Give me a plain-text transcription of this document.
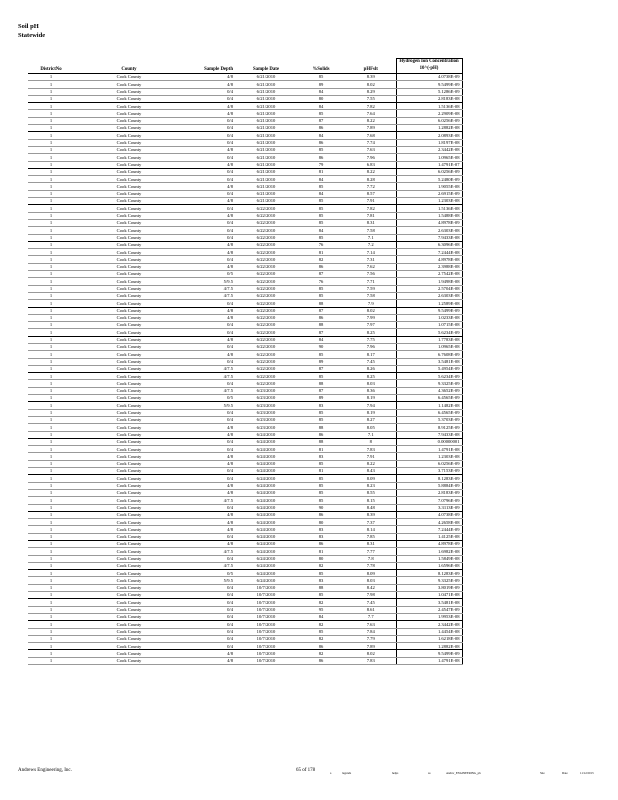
Soil pH
Statewide
DistrictNo	County	Sample Depth	Sample Date	%Solids	pHFslt	Hydrogen Ion Concentration 10^(-pH)
1	Cook County	4/8	6/21/2010	85	8.39	4.0738E-09
1	Cook County	4/8	6/21/2010	89	8.02	9.5499E-09
1	Cook County	0/4	6/21/2010	84	8.29	5.1286E-09
1	Cook County	0/4	6/21/2010	80	7.55	2.8183E-08
1	Cook County	4/8	6/21/2010	84	7.82	1.5136E-08
1	Cook County	4/8	6/21/2010	85	7.64	2.2909E-08
1	Cook County	0/4	6/21/2010	87	8.22	6.0256E-09
1	Cook County	0/4	6/21/2010	86	7.89	1.2882E-08
1	Cook County	0/4	6/21/2010	84	7.68	2.0893E-08
1	Cook County	0/4	6/21/2010	86	7.74	1.8197E-08
1	Cook County	4/8	6/21/2010	85	7.63	2.3442E-08
1	Cook County	0/4	6/21/2010	86	7.96	1.0965E-08
1	Cook County	4/8	6/21/2010	79	6.83	1.4791E-07
1	Cook County	0/4	6/21/2010	81	8.22	6.0256E-09
1	Cook County	0/4	6/21/2010	84	8.28	5.2480E-09
1	Cook County	4/8	6/21/2010	85	7.72	1.9055E-08
1	Cook County	0/4	6/21/2010	84	8.57	2.6915E-09
1	Cook County	4/8	6/21/2010	85	7.91	1.2303E-08
1	Cook County	0/4	6/22/2010	85	7.82	1.5136E-08
1	Cook County	4/8	6/22/2010	85	7.81	1.5488E-08
1	Cook County	0/4	6/22/2010	85	8.31	4.8978E-09
1	Cook County	0/4	6/22/2010	84	7.58	2.6303E-08
1	Cook County	0/4	6/22/2010	85	7.1	7.9433E-08
1	Cook County	4/8	6/22/2010	76	7.2	6.3096E-08
1	Cook County	4/8	6/22/2010	81	7.14	7.2444E-08
1	Cook County	0/4	6/22/2010	82	7.31	4.8978E-08
1	Cook County	4/8	6/22/2010	86	7.62	2.3988E-08
1	Cook County	0/5	6/22/2010	87	7.56	2.7542E-08
1	Cook County	5/9.5	6/22/2010	76	7.71	1.9498E-08
1	Cook County	4/7.5	6/22/2010	85	7.59	2.5704E-08
1	Cook County	4/7.5	6/22/2010	85	7.58	2.6303E-08
1	Cook County	0/4	6/22/2010	88	7.9	1.2589E-08
1	Cook County	4/8	6/22/2010	87	8.02	9.5499E-09
1	Cook County	4/8	6/22/2010	86	7.99	1.0233E-08
1	Cook County	0/4	6/22/2010	88	7.97	1.0715E-08
1	Cook County	0/4	6/22/2010	87	8.25	5.6234E-09
1	Cook County	4/8	6/22/2010	84	7.75	1.7783E-08
1	Cook County	0/4	6/22/2010	90	7.96	1.0965E-08
1	Cook County	4/8	6/22/2010	85	8.17	6.7608E-09
1	Cook County	0/4	6/22/2010	89	7.45	3.5481E-08
1	Cook County	4/7.5	6/22/2010	87	8.26	5.4954E-09
1	Cook County	4/7.5	6/22/2010	85	8.25	5.6234E-09
1	Cook County	0/4	6/22/2010	88	8.03	9.3325E-09
1	Cook County	4/7.5	6/23/2010	87	8.36	4.3652E-09
1	Cook County	0/5	6/23/2010	89	8.19	6.4565E-09
1	Cook County	5/9.5	6/23/2010	83	7.94	1.1482E-08
1	Cook County	0/4	6/23/2010	85	8.19	6.4565E-09
1	Cook County	0/4	6/23/2010	85	8.27	5.3703E-09
1	Cook County	4/8	6/23/2010	88	8.05	8.9125E-09
1	Cook County	4/8	6/24/2010	86	7.1	7.9433E-08
1	Cook County	0/4	6/24/2010	88	8	0.00000001
1	Cook County	0/4	6/24/2010	81	7.83	1.4791E-08
1	Cook County	4/8	6/24/2010	83	7.91	1.2303E-08
1	Cook County	4/8	6/24/2010	85	8.22	6.0256E-09
1	Cook County	0/4	6/24/2010	81	8.43	3.7153E-09
1	Cook County	0/4	6/24/2010	85	8.09	8.1283E-09
1	Cook County	4/8	6/24/2010	85	8.23	5.8884E-09
1	Cook County	4/8	6/24/2010	85	8.55	2.8183E-09
1	Cook County	4/7.5	6/24/2010	85	8.15	7.0796E-09
1	Cook County	0/4	6/24/2010	90	8.48	3.3113E-09
1	Cook County	4/8	6/24/2010	86	8.39	4.0738E-09
1	Cook County	4/8	6/24/2010	80	7.37	4.2658E-08
1	Cook County	4/8	6/24/2010	83	8.14	7.2444E-09
1	Cook County	0/4	6/24/2010	83	7.85	1.4125E-08
1	Cook County	4/8	6/24/2010	86	8.31	4.8978E-09
1	Cook County	4/7.5	6/24/2010	81	7.77	1.6982E-08
1	Cook County	0/4	6/24/2010	80	7.8	1.5849E-08
1	Cook County	4/7.5	6/24/2010	82	7.78	1.6596E-08
1	Cook County	0/5	6/24/2010	85	8.09	8.1283E-09
1	Cook County	5/9.5	6/24/2010	83	8.03	9.3325E-09
1	Cook County	0/4	10/7/2010	88	8.42	3.8019E-09
1	Cook County	0/4	10/7/2010	85	7.98	1.0471E-08
1	Cook County	0/4	10/7/2010	82	7.45	3.5481E-08
1	Cook County	0/4	10/7/2010	95	8.61	2.4547E-09
1	Cook County	0/4	10/7/2010	84	7.7	1.9953E-08
1	Cook County	0/4	10/7/2010	82	7.63	2.3442E-08
1	Cook County	0/4	10/7/2010	85	7.84	1.4454E-08
1	Cook County	0/4	10/7/2010	82	7.79	1.6218E-08
1	Cook County	0/4	10/7/2010	86	7.89	1.2882E-08
1	Cook County	4/8	10/7/2010	82	8.02	9.5499E-09
1	Cook County	4/8	10/7/2010	86	7.83	1.4791E-08
Andrews Engineering, Inc.	65 of 178	a	legends	helps	as	Andrw_ENGINEERING_ph	Site	Date	11/12/2013
